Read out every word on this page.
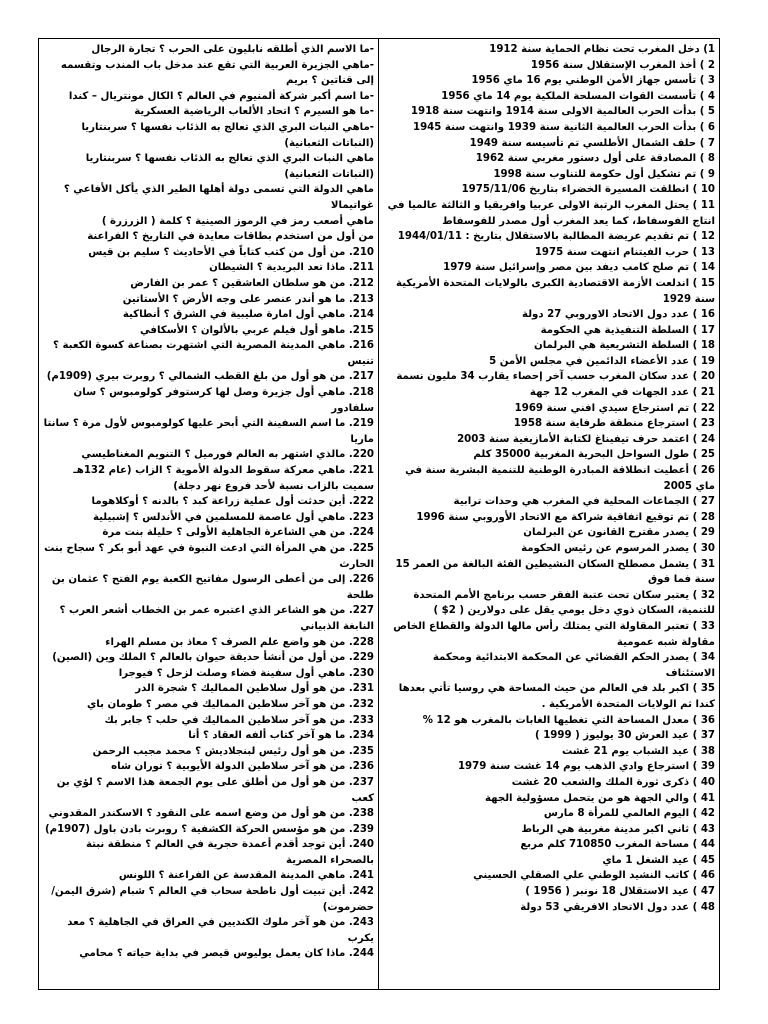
-ما الاسم الذي أطلقه نابليون على الحرب ؟ تجارة الرجال
-ماهي الجزيرة العربية التي تقع عند مدخل باب المندب وتقسمه إلى قناتين ؟ بريم
-ما اسم أكبر شركة ألمنيوم في العالم ؟ الكال مونتريال – كندا
-ما هو السيرم ؟ اتحاد الألعاب الرياضية العسكرية
-ماهي النبات البري الذي تعالج به الذئاب نفسها ؟ سربنتاريا (النباتات الثعبانية)
ماهي النبات البري الذي تعالج به الذئاب نفسها ؟ سربنتاريا (النباتات الثعبانية)
ماهي الدولة التي تسمى دولة أهلها الطير الذي يأكل الأفاعي ؟ غواتيمالا
ماهي أصعب رمز في الرموز الصينية ؟ كلمة ( الزرزرة )
من أول من استخدم بطاقات معايدة في التاريخ ؟ الفراعنة
210. من أول من كتب كتاباً في الأحاديث ؟ سليم بن قيس
211. ماذا تعد البريدية ؟ الشيطان
212. من هو سلطان العاشقين ؟ عمر بن الفارض
213. ما هو أندر عنصر على وجه الأرض ؟ الأستاتين
214. ماهي أول امارة صليبية في الشرق ؟ أنطاكية
215. ماهو أول فيلم عربي بالألوان ؟ الأسكافي
216. ماهي المدينة المصرية التي اشتهرت بصناعة كسوة الكعبة ؟ تنيس
217. من هو أول من بلغ القطب الشمالي ؟ روبرت بيري (1909م)
218. ماهي أول جزيرة وصل لها كرستوفر كولومبوس ؟ سان سلفادور
219. ما اسم السفينة التي أبحر عليها كولومبوس لأول مرة ؟ سانتا ماريا
220. مالذي اشتهر به العالم فورميل ؟ التنويم المغناطيسي
221. ماهي معركة سقوط الدولة الأموية ؟ الزاب (عام 132هـ سميت بالزاب نسبة لأحد فروع نهر دجلة)
222. أين حدثت أول عملية زراعة كبد ؟ بالدنه ؟ أوكلاهوما
223. ماهي أول عاصمة للمسلمين في الأندلس ؟ إشبيلية
224. من هي الشاعرة الجاهلية الأولى ؟ حليلة بنت مرة
225. من هي المرأة التي ادعت النبوة في عهد أبو بكر ؟ سجاح بنت الحارث
226. إلى من أعطى الرسول مفاتيح الكعبة يوم الفتح ؟ عثمان بن طلحة
227. من هو الشاعر الذي اعتبره عمر بن الخطاب أشعر العرب ؟ النابغة الذبياني
228. من هو واضع علم الصرف ؟ معاذ بن مسلم الهراء
229. من أول من أنشأ حديقة حيوان بالعالم ؟ الملك وين (الصين)
230. ماهي أول سفينة فضاء وصلت لزحل ؟ فيوجرا
231. من هو أول سلاطين المماليك ؟ شجرة الدر
232. من هو آخر سلاطين المماليك في مصر ؟ طومان باي
233. من هو آخر سلاطين المماليك في حلب ؟ جابر بك
234. ما هو آخر كتاب ألفه العقاد ؟ أنا
235. من هو أول رئيس لبنجلاديش ؟ محمد مجيب الرحمن
236. من هو آخر سلاطين الدولة الأيوبية ؟ توران شاه
237. من هو أول من أطلق على يوم الجمعة هذا الاسم ؟ لؤي بن كعب
238. من هو أول من وضع اسمه على النقود ؟ الاسكندر المقدوني
239. من هو مؤسس الحركة الكشفية ؟ روبرت بادن باول (1907م)
240. أين توجد أقدم أعمدة حجرية في العالم ؟ منطقة نبتة بالصحراء المصرية
241. ماهي المدينة المقدسة عن الفراعنة ؟ اللونس
242. أين تبيت أول ناطحة سحاب في العالم ؟ شبام (شرق اليمن/حضرموت)
243. من هو آخر ملوك الكنديين في العراق في الجاهلية ؟ معد يكرب
244. ماذا كان يعمل يوليوس قيصر في بداية حياته ؟ محامي
1) دخل المغرب تحت نظام الحماية سنة 1912
2 ) أخذ المغرب الإستقلال سنة 1956
3 ) تأسس جهاز الأمن الوطني يوم 16 ماي 1956
4 ) تأسست القوات المسلحة الملكية يوم 14 ماي 1956
5 ) بدأت الحرب العالمية الاولى سنة 1914 وانتهت سنة 1918
6 ) بدأت الحرب العالمية الثانية سنة 1939 وانتهت سنة 1945
7 ) حلف الشمال الأطلسي تم تأسيسه سنة 1949
8 ) المصادقة على أول دستور مغربي سنة 1962
9 ) تم تشكيل أول حكومة للتناوب سنة 1998
10 ) انطلقت المسيرة الخضراء بتاريخ 1975/11/06
11 ) يحتل المغرب الرتبة الاولى عربيا وافريقيا و الثالثة عالميا في انتاج الفوسفاط، كما يعد المغرب أول مصدر للفوسفاط
12 ) تم تقديم عريضة المطالبة بالاستقلال بتاريخ : 1944/01/11
13 ) حرب الفيتنام انتهت سنة 1975
14 ) تم صلح كامب ديفد بين مصر وإسرائيل سنة 1979
15 ) اندلعت الأزمة الاقتصادية الكبرى بالولايات المتحدة الأمريكية سنة 1929
16 ) عدد دول الاتحاد الاوروبي 27 دولة
17 ) السلطة التنفيذية هي الحكومة
18 ) السلطة التشريعية هي البرلمان
19 ) عدد الأعضاء الدائمين في مجلس الأمن 5
20 ) عدد سكان المغرب حسب آخر إحصاء يقارب 34 مليون نسمة
21 ) عدد الجهات في المغرب 12 جهة
22 ) تم استرجاع سيدي افني سنة 1969
23 ) استرجاع منطقة طرفاية سنة 1958
24 ) اعتمد حرف تيفيناغ لكتابة الأمازيغية سنة 2003
25 ) طول السواحل البحرية المغربية 35000 كلم
26 ) أعطيت انطلاقة المبادرة الوطنية للتنمية البشرية سنة في ماي 2005
27 ) الجماعات المحلية في المغرب هي وحدات ترابية
28 ) تم توقيع اتفاقية شراكة مع الاتحاد الأوروبي سنة 1996
29 ) يصدر مقترح القانون عن البرلمان
30 ) يصدر المرسوم عن رئيس الحكومة
31 ) يشمل مصطلح السكان النشيطين الفئة البالغة من العمر 15 سنة فما فوق
32 ) يعتبر سكان تحت عتبة الفقر حسب برنامج الأمم المتحدة للتنمية، السكان ذوي دخل يومي يقل على دولارين ( 2$ )
33 ) تعتبر المقاولة التي يمتلك رأس مالها الدولة والقطاع الخاص مقاولة شبه عمومية
34 ) يصدر الحكم القضائي عن المحكمة الابتدائية ومحكمة الاستئناف
35 ) اكبر بلد في العالم من حيث المساحة هي روسيا تأتي بعدها كندا ثم الولايات المتحدة الأمريكية .
36 ) معدل المساحة التي تغطيها الغابات بالمغرب هو 12 %
37 ) عيد العرش 30 يوليوز ( 1999 )
38 ) عيد الشباب يوم 21 غشت
39 ) استرجاع وادي الذهب يوم 14 غشت سنة 1979
40 ) ذكرى ثورة الملك والشعب 20 غشت
41 ) والي الجهة هو من يتحمل مسؤولية الجهة
42 ) اليوم العالمي للمرأة 8 مارس
43 ) ثاني اكبر مدينة مغربية هي الرباط
44 ) مساحة المغرب 710850 كلم مربع
45 ) عيد الشغل 1 ماي
46 ) كاتب النشيد الوطني علي الصقلي الحسيني
47 ) عيد الاستقلال 18 نونبر ( 1956 )
48 ) عدد دول الاتحاد الافريقي 53 دولة
